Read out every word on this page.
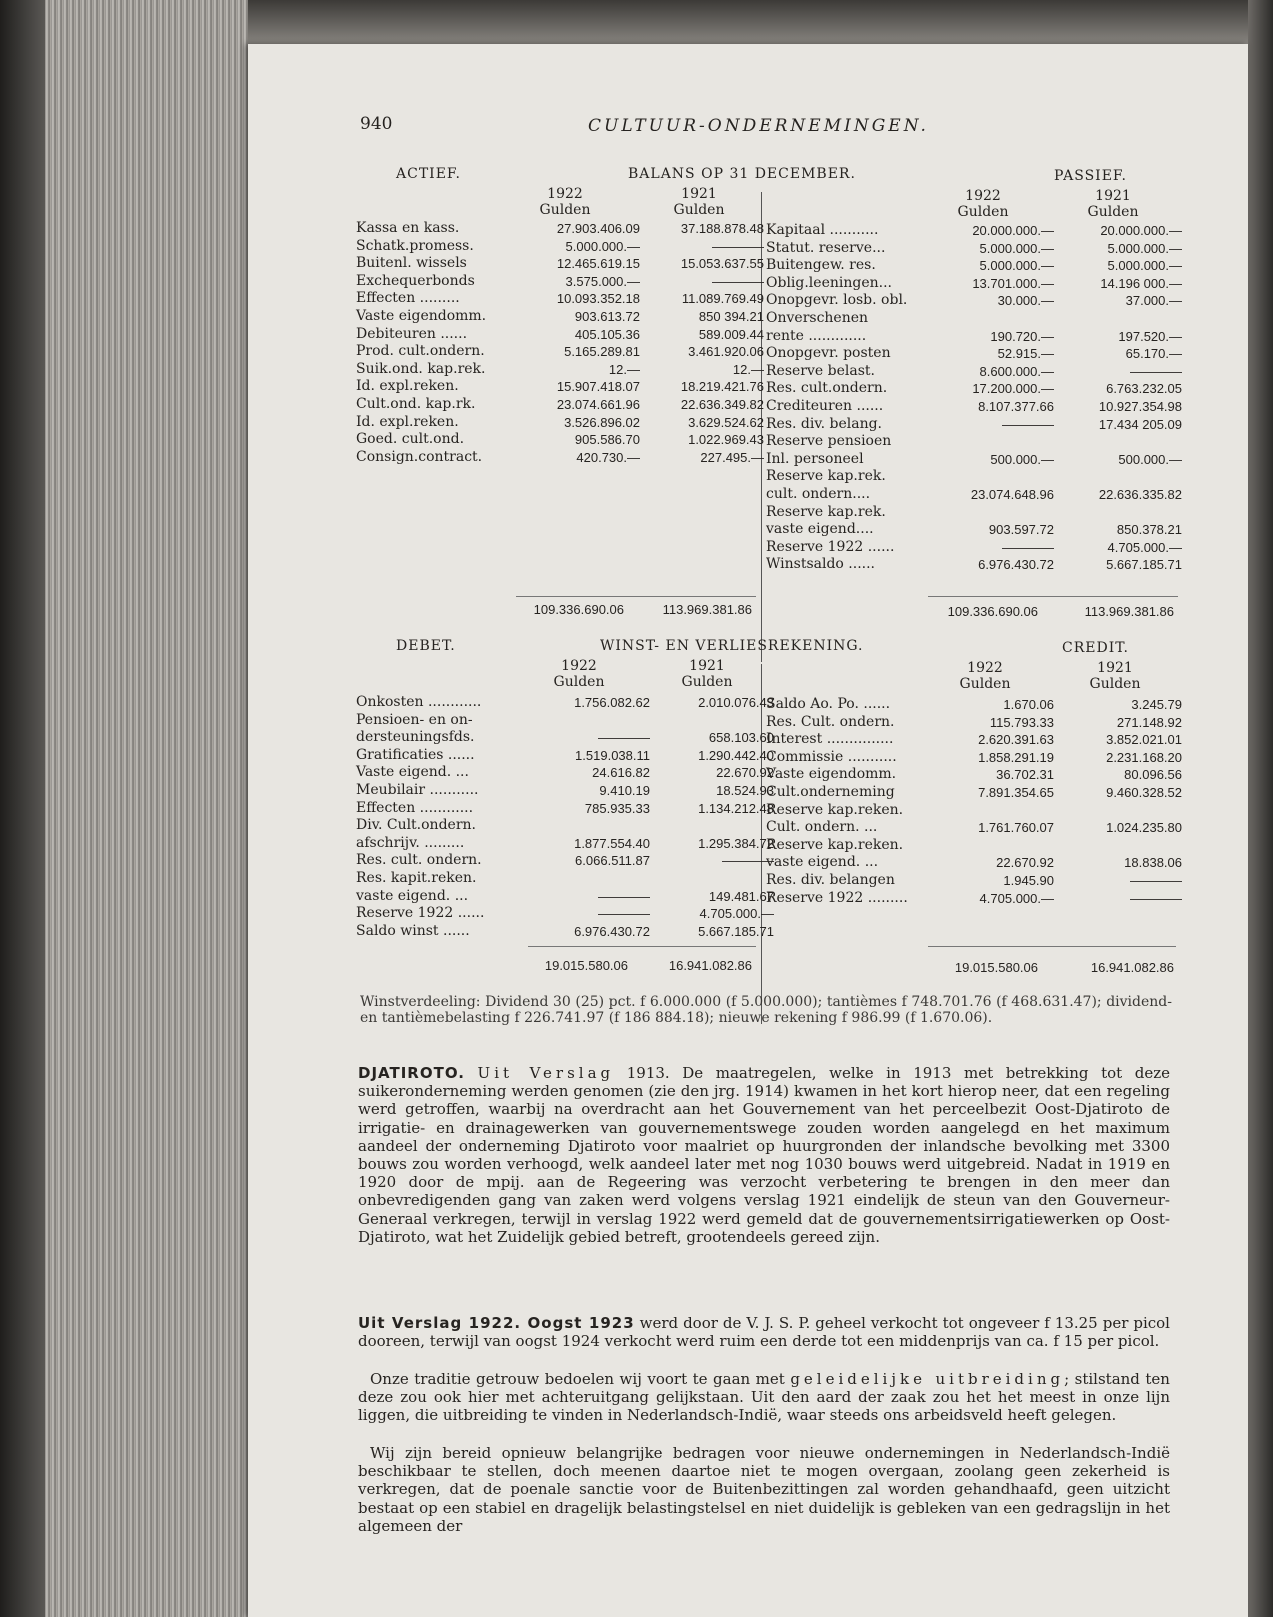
940	CULTUUR-ONDERNEMINGEN.
ACTIEF.	BALANS OP 31 DECEMBER.	PASSIEF.
1922
Gulden
1921
Gulden
1922
Gulden
1921
Gulden
Kassa en kass.	27.903.406.09	37.188.878.48
Schatk.promess.	5.000.000.—	————
Buitenl. wissels	12.465.619.15	15.053.637.55
Exchequerbonds	3.575.000.—	————
Effecten .........	10.093.352.18	11.089.769.49
Vaste eigendomm.	903.613.72	850 394.21
Debiteuren ......	405.105.36	589.009.44
Prod. cult.ondern.	5.165.289.81	3.461.920.06
Suik.ond. kap.rek.	12.—	12.—
Id. expl.reken.	15.907.418.07	18.219.421.76
Cult.ond. kap.rk.	23.074.661.96	22.636.349.82
Id. expl.reken.	3.526.896.02	3.629.524.62
Goed. cult.ond.	905.586.70	1.022.969.43
Consign.contract.	420.730.—	227.495.—
Kapitaal ...........	20.000.000.—	20.000.000.—
Statut. reserve...	5.000.000.—	5.000.000.—
Buitengew. res.	5.000.000.—	5.000.000.—
Oblig.leeningen...	13.701.000.—	14.196 000.—
Onopgevr. losb. obl.	30.000.—	37.000.—
Onverschenen
rente .............	190.720.—	197.520.—
Onopgevr. posten	52.915.—	65.170.—
Reserve belast.	8.600.000.—	————
Res. cult.ondern.	17.200.000.—	6.763.232.05
Crediteuren ......	8.107.377.66	10.927.354.98
Res. div. belang.	————	17.434 205.09
Reserve pensioen
Inl. personeel	500.000.—	500.000.—
Reserve kap.rek.
cult. ondern....	23.074.648.96	22.636.335.82
Reserve kap.rek.
vaste eigend....	903.597.72	850.378.21
Reserve 1922 ......	————	4.705.000.—
Winstsaldo ......	6.976.430.72	5.667.185.71
109.336.690.06	113.969.381.86	109.336.690.06	113.969.381.86
DEBET.	WINST- EN VERLIESREKENING.	CREDIT.
1922
Gulden
1921
Gulden
1922
Gulden
1921
Gulden
Onkosten ............	1.756.082.62	2.010.076.43
Pensioen- en on-
dersteuningsfds.	————	658.103.60
Gratificaties ......	1.519.038.11	1.290.442.40
Vaste eigend. ...	24.616.82	22.670.92
Meubilair ...........	9.410.19	18.524.93
Effecten ............	785.935.33	1.134.212.48
Div. Cult.ondern.
afschrijv. .........	1.877.554.40	1.295.384.72
Res. cult. ondern.	6.066.511.87	————
Res. kapit.reken.
vaste eigend. ...	————	149.481.67
Reserve 1922 ......	————	4.705.000.—
Saldo winst ......	6.976.430.72	5.667.185.71
Saldo Ao. Po. ......	1.670.06	3.245.79
Res. Cult. ondern.	115.793.33	271.148.92
Interest ...............	2.620.391.63	3.852.021.01
Commissie ...........	1.858.291.19	2.231.168.20
Vaste eigendomm.	36.702.31	80.096.56
Cult.onderneming	7.891.354.65	9.460.328.52
Reserve kap.reken.
Cult. ondern. ...	1.761.760.07	1.024.235.80
Reserve kap.reken.
vaste eigend. ...	22.670.92	18.838.06
Res. div. belangen	1.945.90	————
Reserve 1922 .........	4.705.000.—	————
19.015.580.06	16.941.082.86	19.015.580.06	16.941.082.86
Winstverdeeling: Dividend 30 (25) pct. f 6.000.000 (f 5.000.000); tantièmes f 748.701.76 (f 468.631.47); dividend- en tantièmebelasting f 226.741.97 (f 186 884.18); nieuwe rekening f 986.99 (f 1.670.06).
DJATIROTO. Uit Verslag 1913. De maatregelen, welke in 1913 met betrekking tot deze suikeronderneming werden genomen (zie den jrg. 1914) kwamen in het kort hierop neer, dat een regeling werd getroffen, waarbij na overdracht aan het Gouvernement van het perceelbezit Oost-Djatiroto de irrigatie- en drainagewerken van gouvernementswege zouden worden aangelegd en het maximum aandeel der onderneming Djatiroto voor maalriet op huurgronden der inlandsche bevolking met 3300 bouws zou worden verhoogd, welk aandeel later met nog 1030 bouws werd uitgebreid. Nadat in 1919 en 1920 door de mpij. aan de Regeering was verzocht verbetering te brengen in den meer dan onbevredigenden gang van zaken werd volgens verslag 1921 eindelijk de steun van den Gouverneur-Generaal verkregen, terwijl in verslag 1922 werd gemeld dat de gouvernementsirrigatiewerken op Oost-Djatiroto, wat het Zuidelijk gebied betreft, grootendeels gereed zijn.
Uit Verslag 1922. Oogst 1923 werd door de V. J. S. P. geheel verkocht tot ongeveer f 13.25 per picol dooreen, terwijl van oogst 1924 verkocht werd ruim een derde tot een middenprijs van ca. f 15 per picol.
Onze traditie getrouw bedoelen wij voort te gaan met geleidelijke uitbreiding; stilstand ten deze zou ook hier met achteruitgang gelijkstaan. Uit den aard der zaak zou het het meest in onze lijn liggen, die uitbreiding te vinden in Nederlandsch-Indië, waar steeds ons arbeidsveld heeft gelegen.
Wij zijn bereid opnieuw belangrijke bedragen voor nieuwe ondernemingen in Nederlandsch-Indië beschikbaar te stellen, doch meenen daartoe niet te mogen overgaan, zoolang geen zekerheid is verkregen, dat de poenale sanctie voor de Buitenbezittingen zal worden gehandhaafd, geen uitzicht bestaat op een stabiel en dragelijk belastingstelsel en niet duidelijk is gebleken van een gedragslijn in het algemeen der
